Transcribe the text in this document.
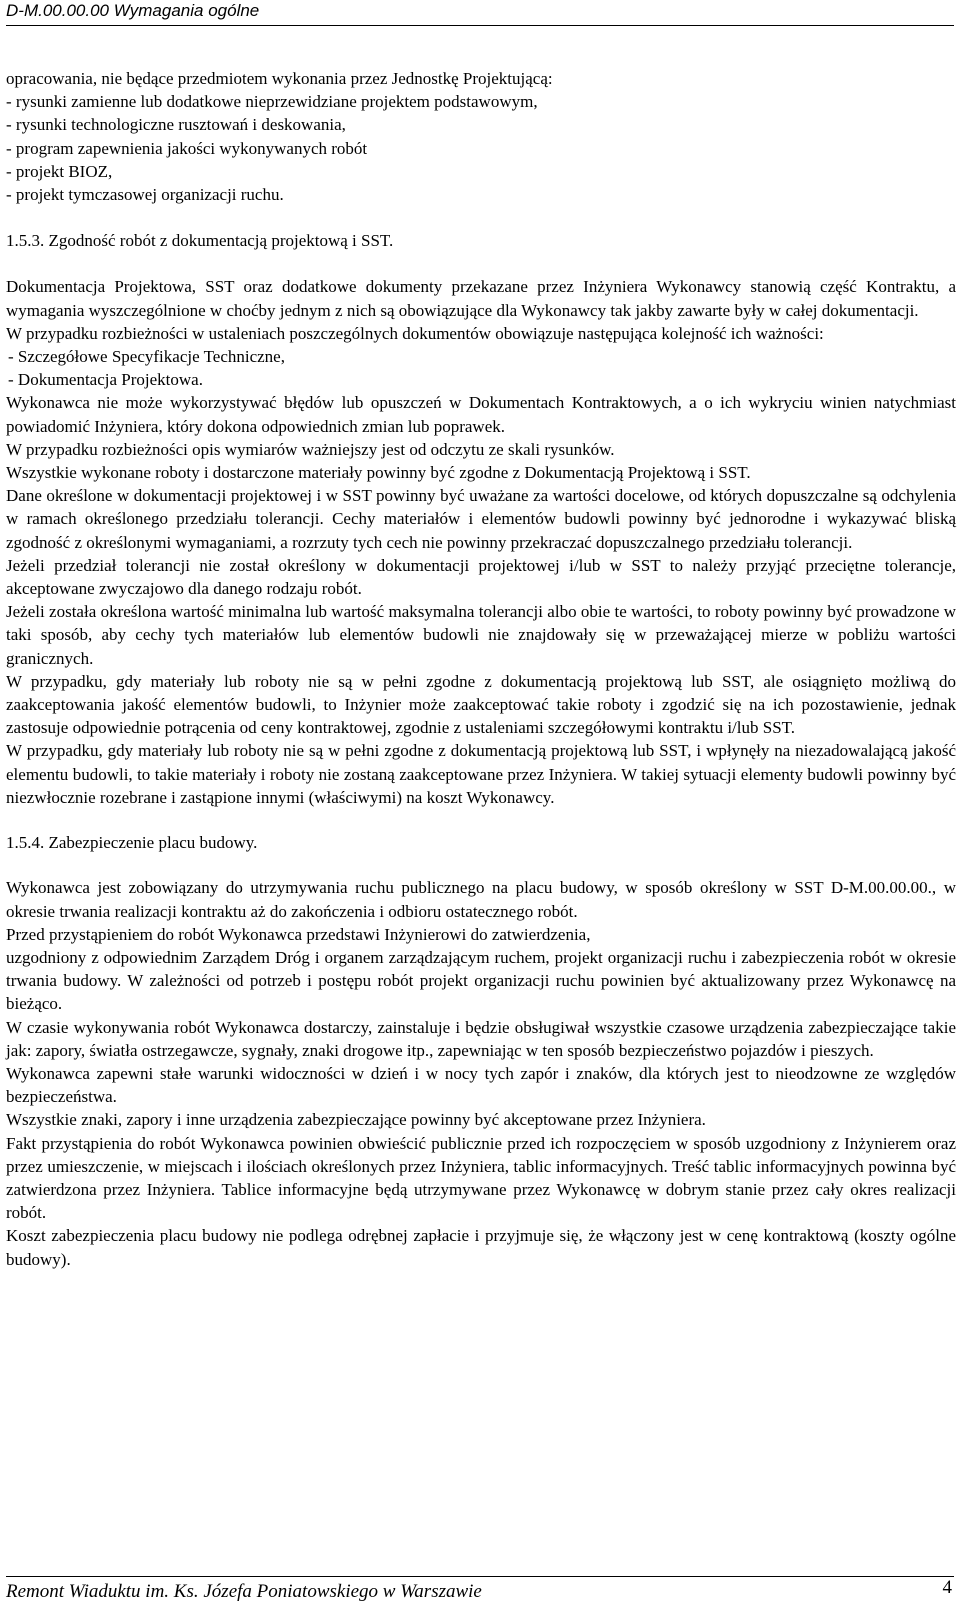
D-M.00.00.00 Wymagania ogólne
opracowania, nie będące przedmiotem wykonania przez Jednostkę Projektującą:
- rysunki zamienne lub dodatkowe nieprzewidziane projektem podstawowym,
- rysunki technologiczne rusztowań i deskowania,
- program zapewnienia jakości wykonywanych robót
- projekt BIOZ,
- projekt tymczasowej organizacji ruchu.
1.5.3. Zgodność robót z dokumentacją projektową i SST.

Dokumentacja Projektowa, SST oraz dodatkowe dokumenty przekazane przez Inżyniera Wykonawcy stanowią część Kontraktu, a wymagania wyszczególnione w choćby jednym z nich są obowiązujące dla Wykonawcy tak jakby zawarte były w całej dokumentacji.

W przypadku rozbieżności w ustaleniach poszczególnych dokumentów obowiązuje następująca kolejność ich ważności:

- Szczegółowe Specyfikacje Techniczne,
- Dokumentacja Projektowa.

Wykonawca nie może wykorzystywać błędów lub opuszczeń w Dokumentach Kontraktowych, a o ich wykryciu winien natychmiast powiadomić Inżyniera, który dokona odpowiednich zmian lub poprawek.

W przypadku rozbieżności opis wymiarów ważniejszy jest od odczytu ze skali rysunków.

Wszystkie wykonane roboty i dostarczone materiały powinny być zgodne z Dokumentacją Projektową i SST.

Dane określone w dokumentacji projektowej i w SST powinny być uważane za wartości docelowe, od których dopuszczalne są odchylenia w ramach określonego przedziału tolerancji. Cechy materiałów i elementów budowli powinny być jednorodne i wykazywać bliską zgodność z określonymi wymaganiami, a rozrzuty tych cech nie powinny przekraczać dopuszczalnego przedziału tolerancji.

Jeżeli przedział tolerancji nie został określony w dokumentacji projektowej i/lub w SST to należy przyjąć przeciętne tolerancje, akceptowane zwyczajowo dla danego rodzaju robót.

Jeżeli została określona wartość minimalna lub wartość maksymalna tolerancji albo obie te wartości, to roboty powinny być prowadzone w taki sposób, aby cechy tych materiałów lub elementów budowli nie znajdowały się w przeważającej mierze w pobliżu wartości granicznych.

W przypadku, gdy materiały lub roboty nie są w pełni zgodne z dokumentacją projektową lub SST, ale osiągnięto możliwą do zaakceptowania jakość elementów budowli, to Inżynier może zaakceptować takie roboty i zgodzić się na ich pozostawienie, jednak zastosuje odpowiednie potrącenia od ceny kontraktowej, zgodnie z ustaleniami szczegółowymi kontraktu i/lub SST.

W przypadku, gdy materiały lub roboty nie są w pełni zgodne z dokumentacją projektową lub SST, i wpłynęły na niezadowalającą jakość elementu budowli, to takie materiały i roboty nie zostaną zaakceptowane przez Inżyniera. W takiej sytuacji elementy budowli powinny być niezwłocznie rozebrane i zastąpione innymi (właściwymi) na koszt Wykonawcy.

1.5.4. Zabezpieczenie placu budowy.

Wykonawca jest zobowiązany do utrzymywania ruchu publicznego na placu budowy, w sposób określony w SST D-M.00.00.00., w okresie trwania realizacji kontraktu aż do zakończenia i odbioru ostatecznego robót.

Przed przystąpieniem do robót Wykonawca przedstawi Inżynierowi do zatwierdzenia,

uzgodniony z odpowiednim Zarządem Dróg i organem zarządzającym ruchem, projekt organizacji ruchu i zabezpieczenia robót w okresie trwania budowy. W zależności od potrzeb i postępu robót projekt organizacji ruchu powinien być aktualizowany przez Wykonawcę na bieżąco.

W czasie wykonywania robót Wykonawca dostarczy, zainstaluje i będzie obsługiwał wszystkie czasowe urządzenia zabezpieczające takie jak: zapory, światła ostrzegawcze, sygnały, znaki drogowe itp., zapewniając w ten sposób bezpieczeństwo pojazdów i pieszych.

Wykonawca zapewni stałe warunki widoczności w dzień i w nocy tych zapór i znaków, dla których jest to nieodzowne ze względów bezpieczeństwa.

Wszystkie znaki, zapory i inne urządzenia zabezpieczające powinny być akceptowane przez Inżyniera.

Fakt przystąpienia do robót Wykonawca powinien obwieścić publicznie przed ich rozpoczęciem w sposób uzgodniony z Inżynierem oraz przez umieszczenie, w miejscach i ilościach określonych przez Inżyniera, tablic informacyjnych. Treść tablic informacyjnych powinna być zatwierdzona przez Inżyniera. Tablice informacyjne będą utrzymywane przez Wykonawcę w dobrym stanie przez cały okres realizacji robót.

Koszt zabezpieczenia placu budowy nie podlega odrębnej zapłacie i przyjmuje się, że włączony jest w cenę kontraktową (koszty ogólne budowy).

Remont Wiaduktu im. Ks. Józefa Poniatowskiego w Warszawie	4
